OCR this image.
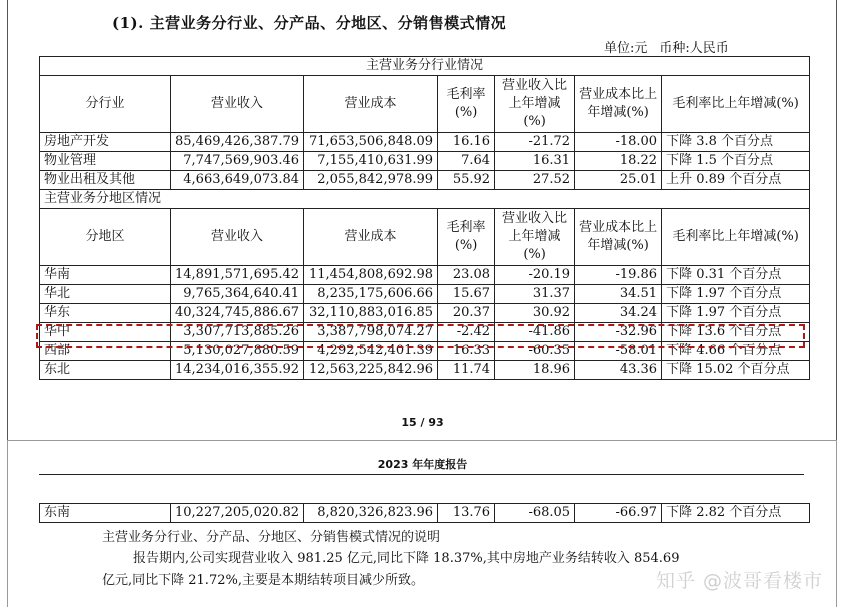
(1). 主营业务分行业、分产品、分地区、分销售模式情况
单位:元 币种:人民币
主营业务分行业情况						
分行业	营业收入	营业成本	毛利率(%)	营业收入比上年增减(%)	营业成本比上年增减(%)	毛利率比上年增减(%)
房地产开发	85,469,426,387.79	71,653,506,848.09	16.16	-21.72	-18.00	下降 3.8 个百分点
物业管理	7,747,569,903.46	7,155,410,631.99	7.64	16.31	18.22	下降 1.5 个百分点
物业出租及其他	4,663,649,073.84	2,055,842,978.99	55.92	27.52	25.01	上升 0.89 个百分点
主营业务分地区情况						
分地区	营业收入	营业成本	毛利率(%)	营业收入比上年增减(%)	营业成本比上年增减(%)	毛利率比上年增减(%)
华南	14,891,571,695.42	11,454,808,692.98	23.08	-20.19	-19.86	下降 0.31 个百分点
华北	9,765,364,640.41	8,235,175,606.66	15.67	31.37	34.51	下降 1.97 个百分点
华东	40,324,745,886.67	32,110,883,016.85	20.37	30.92	34.24	下降 1.97 个百分点
华中	3,307,713,885.26	3,387,798,074.27	-2.42	-41.86	-32.96	下降 13.6 个百分点
西部	5,130,027,880.59	4,292,542,401.39	16.33	-60.35	-58.01	下降 4.66 个百分点
东北	14,234,016,355.92	12,563,225,842.96	11.74	18.96	43.36	下降 15.02 个百分点
15 / 93
2023 年年度报告
东南	10,227,205,020.82	8,820,326,823.96	13.76	-68.05	-66.97	下降 2.82 个百分点
主营业务分行业、分产品、分地区、分销售模式情况的说明
报告期内,公司实现营业收入 981.25 亿元,同比下降 18.37%,其中房地产业务结转收入 854.69
亿元,同比下降 21.72%,主要是本期结转项目减少所致。	知乎 @波哥看楼市
